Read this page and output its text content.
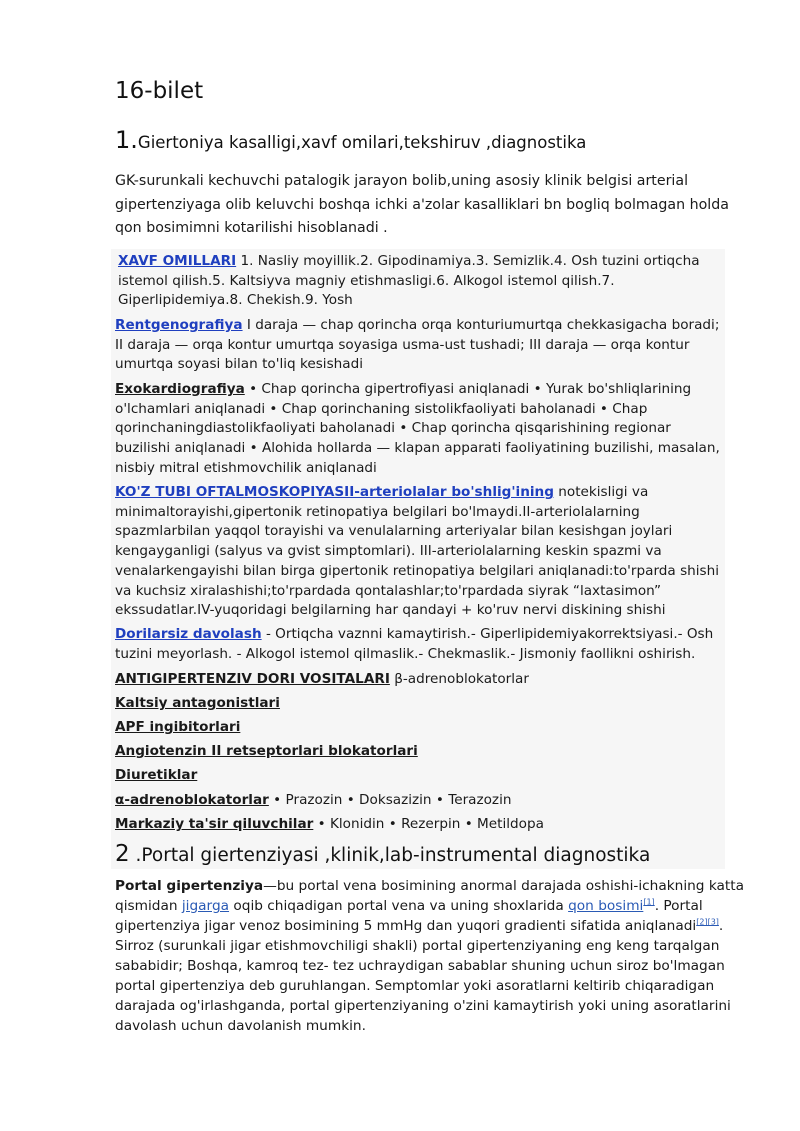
16-bilet
1.Giertoniya kasalligi,xavf omilari,tekshiruv ,diagnostika

GK-surunkali kechuvchi patalogik jarayon bolib,uning asosiy klinik belgisi arterial gipertenziyaga olib keluvchi boshqa ichki a'zolar kasalliklari bn bogliq bolmagan holda qon bosimimni kotarilishi hisoblanadi .

XAVF OMILLARI 1. Nasliy moyillik.2. Gipodinamiya.3. Semizlik.4. Osh tuzini ortiqcha istemol qilish.5. Kaltsiyva magniy etishmasligi.6. Alkogol istemol qilish.7. Giperlipidemiya.8. Chekish.9. Yosh

Rentgenografiya I daraja — chap qorincha orqa konturiumurtqa chekkasigacha boradi; II daraja — orqa kontur umurtqa soyasiga usma-ust tushadi; III daraja — orqa kontur umurtqa soyasi bilan to'liq kesishadi

Exokardiografiya • Chap qorincha gipertrofiyasi aniqlanadi • Yurak bo'shliqlarining o'lchamlari aniqlanadi • Chap qorinchaning sistolikfaoliyati baholanadi • Chap qorinchaningdiastolikfaoliyati baholanadi • Chap qorincha qisqarishining regionar buzilishi aniqlanadi • Alohida hollarda — klapan apparati faoliyatining buzilishi, masalan, nisbiy mitral etishmovchilik aniqlanadi

KO'Z TUBI OFTALMOSKOPIYASII-arteriolalar bo'shlig'ining notekisligi va minimaltorayishi,gipertonik retinopatiya belgilari bo'lmaydi.II-arteriolalarning spazmlarbilan yaqqol torayishi va venulalarning arteriyalar bilan kesishgan joylari kengayganligi (salyus va gvist simptomlari). III-arteriolalarning keskin spazmi va venalarkengayishi bilan birga gipertonik retinopatiya belgilari aniqlanadi:to'rparda shishi va kuchsiz xiralashishi;to'rpardada qontalashlar;to'rpardada siyrak “laxtasimon” ekssudatlar.IV-yuqoridagi belgilarning har qandayi + ko'ruv nervi diskining shishi

Dorilarsiz davolash - Ortiqcha vaznni kamaytirish.- Giperlipidemiyakorrektsiyasi.- Osh tuzini meyorlash. - Alkogol istemol qilmaslik.- Chekmaslik.- Jismoniy faollikni oshirish.

ANTIGIPERTENZIV DORI VOSITALARI β-adrenoblokatorlar

Kaltsiy antagonistlari

APF ingibitorlari

Angiotenzin II retseptorlari blokatorlari

Diuretiklar

α-adrenoblokatorlar • Prazozin • Doksazizin • Terazozin

Markaziy ta'sir qiluvchilar • Klonidin • Rezerpin • Metildopa

2 .Portal giertenziyasi ,klinik,lab-instrumental diagnostika

Portal gipertenziya—bu portal vena bosimining anormal darajada oshishi-ichakning katta qismidan jigarga oqib chiqadigan portal vena va uning shoxlarida qon bosimi[1]. Portal gipertenziya jigar venoz bosimining 5 mmHg dan yuqori gradienti sifatida aniqlanadi[2][3]. Sirroz (surunkali jigar etishmovchiligi shakli) portal gipertenziyaning eng keng tarqalgan sababidir; Boshqa, kamroq tez- tez uchraydigan sabablar shuning uchun siroz bo'lmagan portal gipertenziya deb guruhlangan. Semptomlar yoki asoratlarni keltirib chiqaradigan darajada og'irlashganda, portal gipertenziyaning o'zini kamaytirish yoki uning asoratlarini davolash uchun davolanish mumkin.
